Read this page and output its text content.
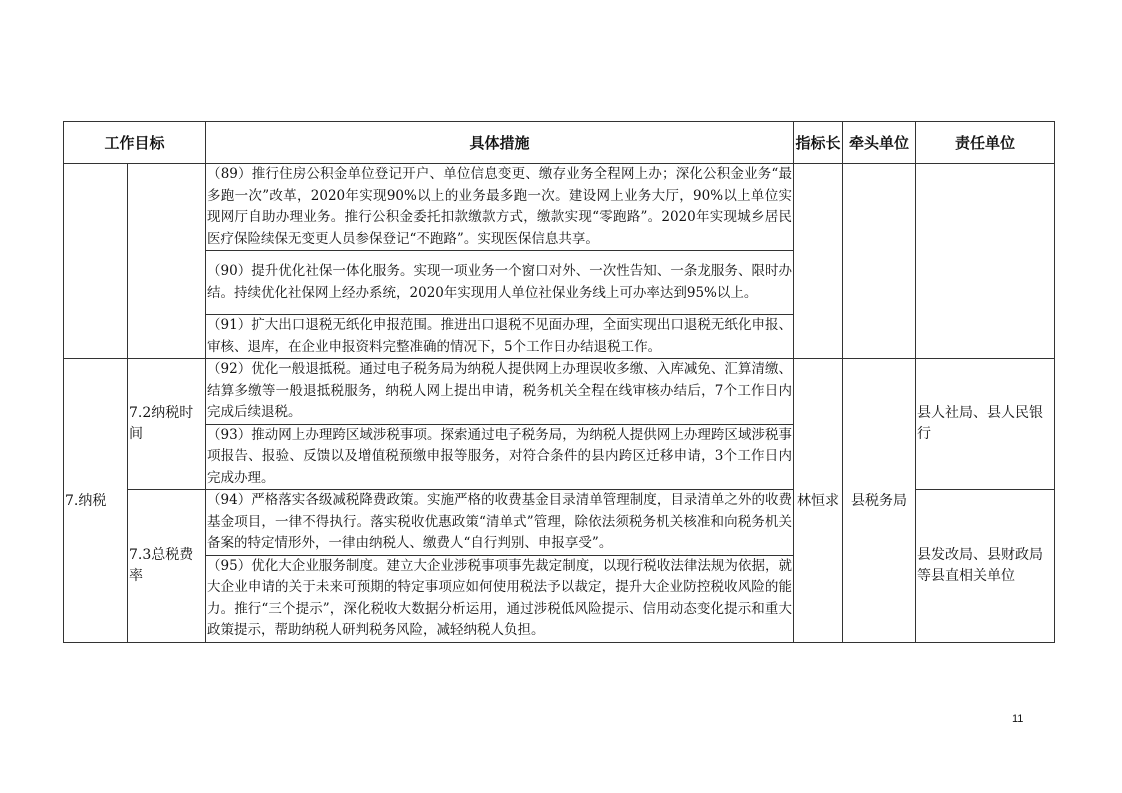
工作目标		具体措施	指标长	牵头单位	责任单位
		（89）推行住房公积金单位登记开户、单位信息变更、缴存业务全程网上办；深化公积金业务“最多跑一次”改革，2020年实现90%以上的业务最多跑一次。建设网上业务大厅，90%以上单位实现网厅自助办理业务。推行公积金委托扣款缴款方式，缴款实现“零跑路”。2020年实现城乡居民医疗保险续保无变更人员参保登记“不跑路”。实现医保信息共享。			
		（90）提升优化社保一体化服务。实现一项业务一个窗口对外、一次性告知、一条龙服务、限时办结。持续优化社保网上经办系统，2020年实现用人单位社保业务线上可办率达到95%以上。			
		（91）扩大出口退税无纸化申报范围。推进出口退税不见面办理，全面实现出口退税无纸化申报、审核、退库，在企业申报资料完整准确的情况下，5个工作日办结退税工作。			
7.纳税	7.2纳税时间	（92）优化一般退抵税。通过电子税务局为纳税人提供网上办理误收多缴、入库减免、汇算清缴、结算多缴等一般退抵税服务，纳税人网上提出申请，税务机关全程在线审核办结后，7个工作日内完成后续退税。	林恒求	县税务局	县人社局、县人民银行
		（93）推动网上办理跨区域涉税事项。探索通过电子税务局，为纳税人提供网上办理跨区域涉税事项报告、报验、反馈以及增值税预缴申报等服务，对符合条件的县内跨区迁移申请，3个工作日内完成办理。			
	7.3总税费率	（94）严格落实各级减税降费政策。实施严格的收费基金目录清单管理制度，目录清单之外的收费基金项目，一律不得执行。落实税收优惠政策“清单式”管理，除依法须税务机关核准和向税务机关备案的特定情形外，一律由纳税人、缴费人“自行判别、申报享受”。			县发改局、县财政局等县直相关单位
		（95）优化大企业服务制度。建立大企业涉税事项事先裁定制度，以现行税收法律法规为依据，就大企业申请的关于未来可预期的特定事项应如何使用税法予以裁定，提升大企业防控税收风险的能力。推行“三个提示”，深化税收大数据分析运用，通过涉税低风险提示、信用动态变化提示和重大政策提示，帮助纳税人研判税务风险，减轻纳税人负担。			
11
